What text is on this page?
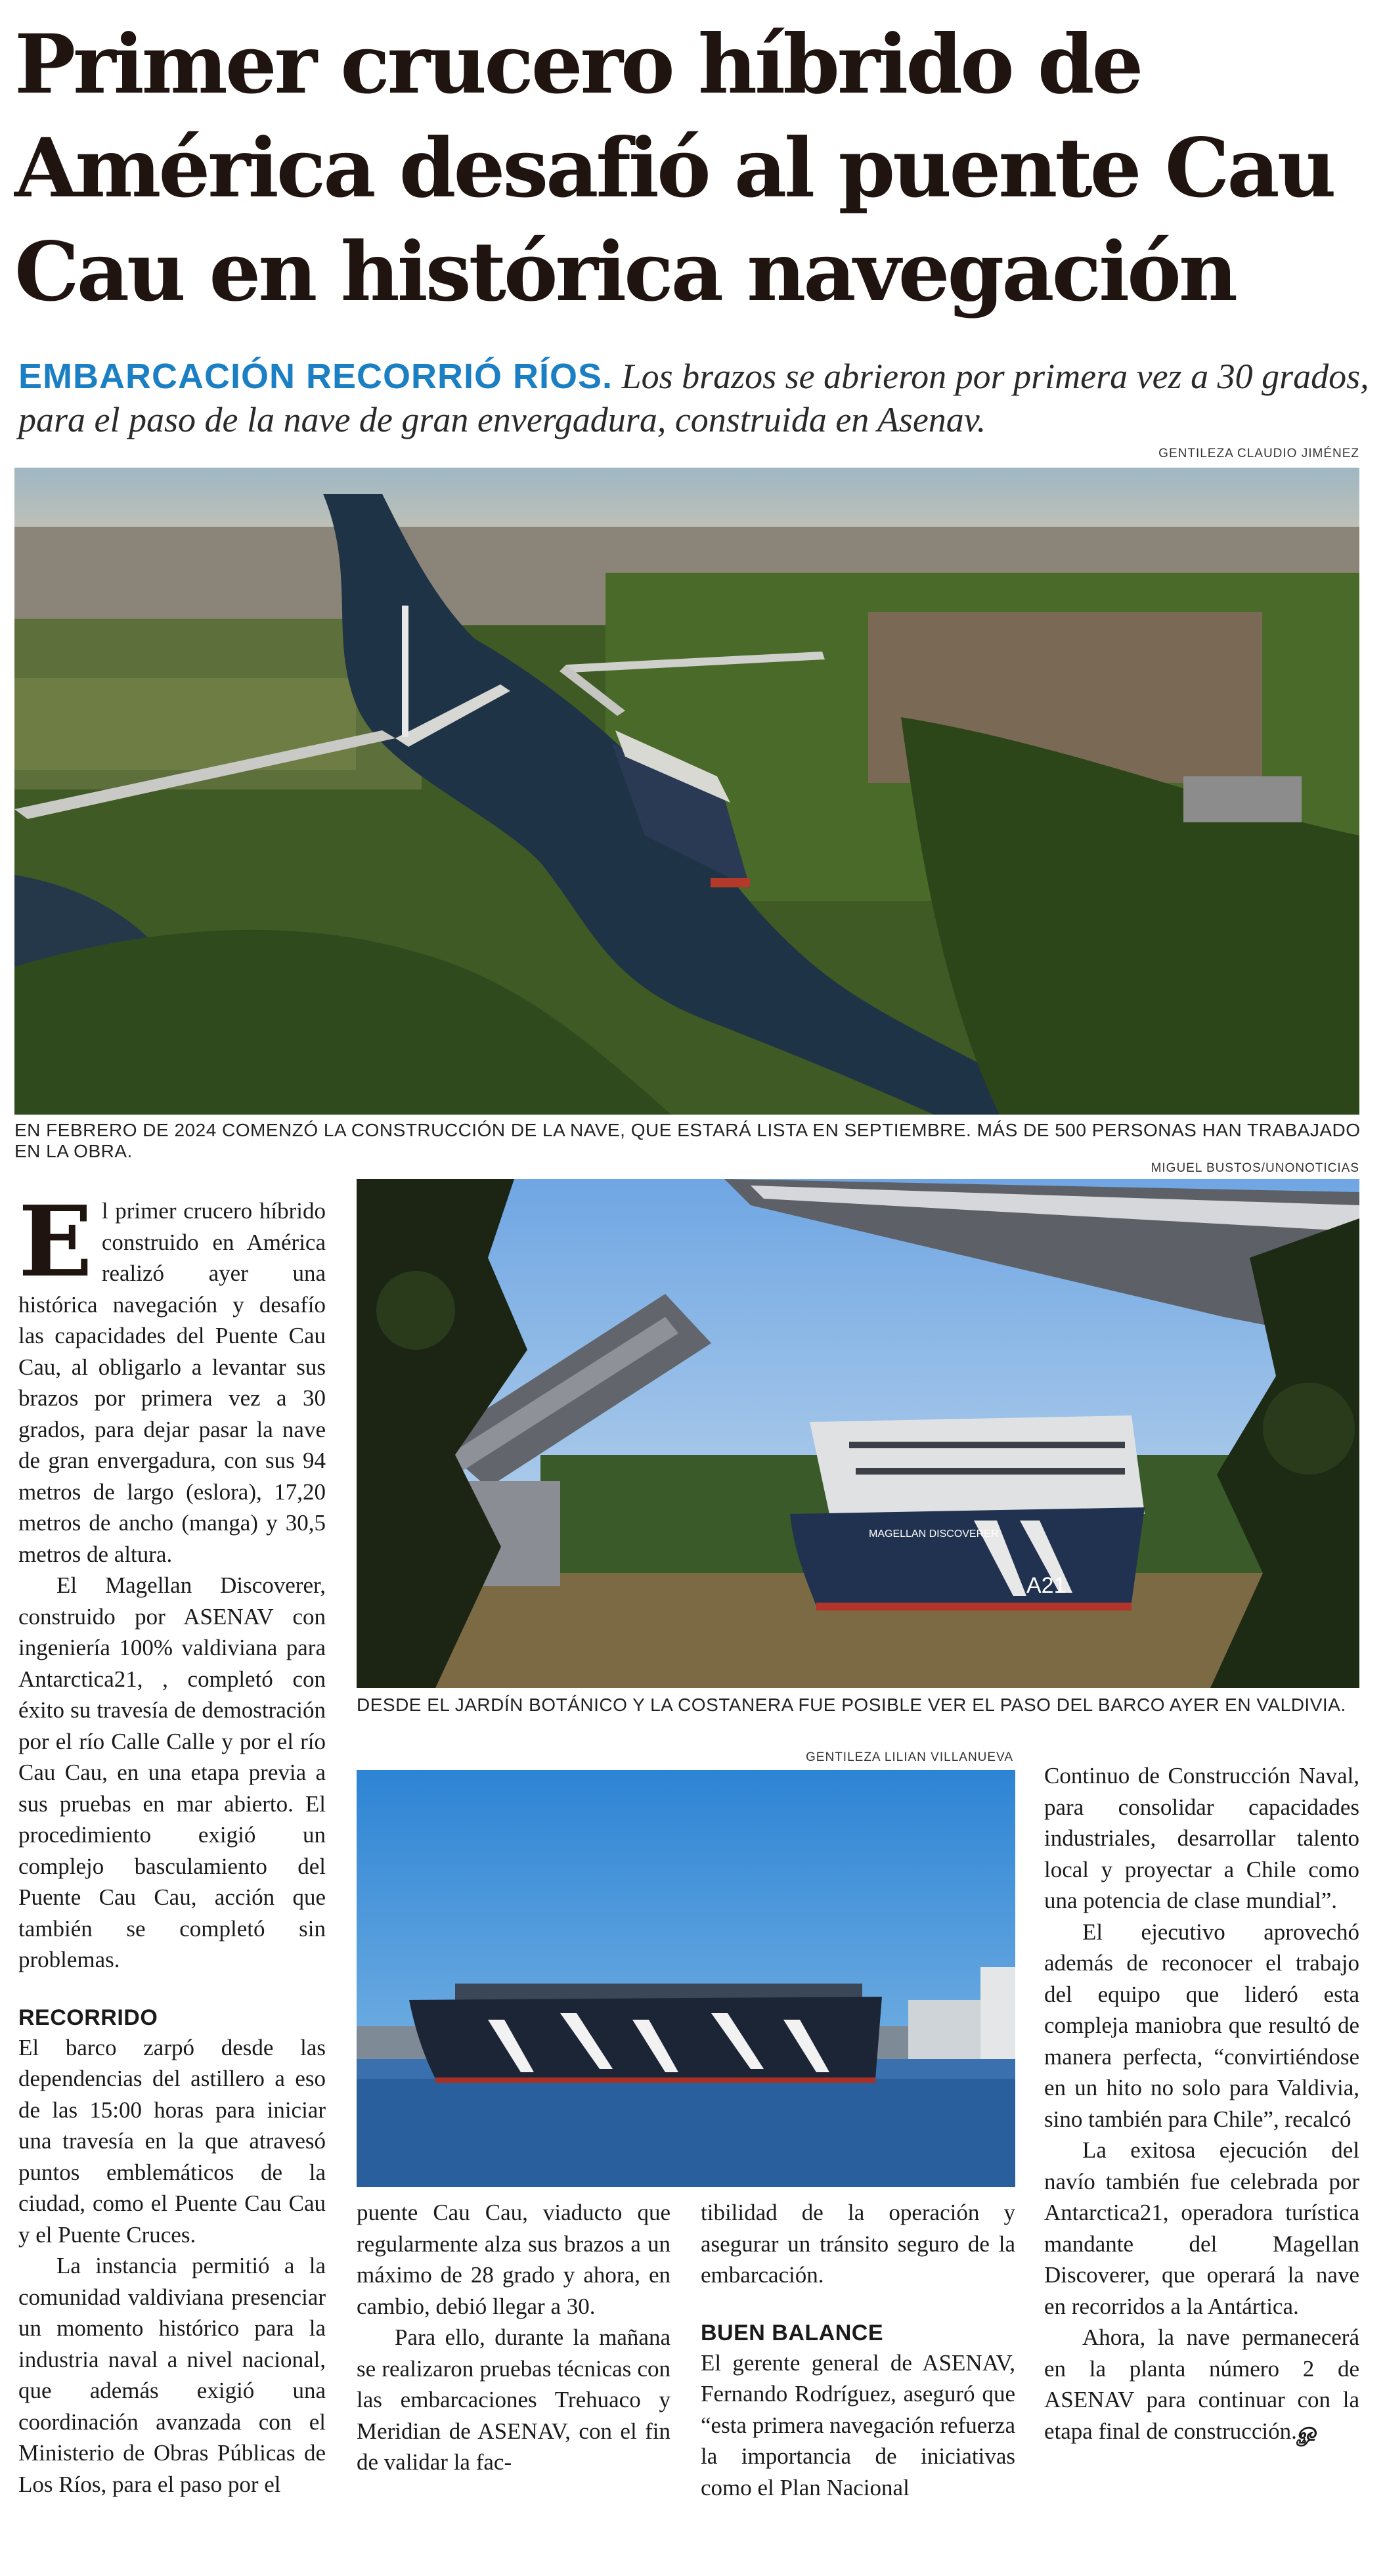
Primer crucero híbrido de América desafió al puente Cau Cau en histórica navegación
EMBARCACIÓN RECORRIÓ RÍOS. Los brazos se abrieron por primera vez a 30 grados, para el paso de la nave de gran envergadura, construida en Asenav.
GENTILEZA CLAUDIO JIMÉNEZ
EN FEBRERO DE 2024 COMENZÓ LA CONSTRUCCIÓN DE LA NAVE, QUE ESTARÁ LISTA EN SEPTIEMBRE. MÁS DE 500 PERSONAS HAN TRABAJADO EN LA OBRA.
MIGUEL BUSTOS/UNONOTICIAS
MAGELLAN DISCOVERER
A21
DESDE EL JARDÍN BOTÁNICO Y LA COSTANERA FUE POSIBLE VER EL PASO DEL BARCO AYER EN VALDIVIA.
GENTILEZA LILIAN VILLANUEVA
E l primer crucero híbrido construido en América realizó ayer una histórica navegación y desafío las capacidades del Puente Cau Cau, al obligarlo a levantar sus brazos por primera vez a 30 grados, para dejar pasar la nave de gran envergadura, con sus 94 metros de largo (eslora), 17,20 metros de ancho (manga) y 30,5 metros de altura.

El Magellan Discoverer, construido por ASENAV con ingeniería 100% valdiviana para Antarctica21, , completó con éxito su travesía de demostración por el río Calle Calle y por el río Cau Cau, en una etapa previa a sus pruebas en mar abierto. El procedimiento exigió un complejo basculamiento del Puente Cau Cau, acción que también se completó sin problemas.

RECORRIDO

El barco zarpó desde las dependencias del astillero a eso de las 15:00 horas para iniciar una travesía en la que atravesó puntos emblemáticos de la ciudad, como el Puente Cau Cau y el Puente Cruces.

La instancia permitió a la comunidad valdiviana presenciar un momento histórico para la industria naval a nivel nacional, que además exigió una coordinación avanzada con el Ministerio de Obras Públicas de Los Ríos, para el paso por el

puente Cau Cau, viaducto que regularmente alza sus brazos a un máximo de 28 grado y ahora, en cambio, debió llegar a 30.

Para ello, durante la mañana se realizaron pruebas técnicas con las embarcaciones Trehuaco y Meridian de ASENAV, con el fin de validar la fac-

tibilidad de la operación y asegurar un tránsito seguro de la embarcación.

BUEN BALANCE

El gerente general de ASENAV, Fernando Rodríguez, aseguró que “esta primera navegación refuerza la importancia de iniciativas como el Plan Nacional

Continuo de Construcción Naval, para consolidar capacidades industriales, desarrollar talento local y proyectar a Chile como una potencia de clase mundial”.

El ejecutivo aprovechó además de reconocer el trabajo del equipo que lideró esta compleja maniobra que resultó de manera perfecta, “convirtiéndose en un hito no solo para Valdivia, sino también para Chile”, recalcó

La exitosa ejecución del navío también fue celebrada por Antarctica21, operadora turística mandante del Magellan Discoverer, que operará la nave en recorridos a la Antártica.

Ahora, la nave permanecerá en la planta número 2 de ASENAV para continuar con la etapa final de construcción.ௐ
